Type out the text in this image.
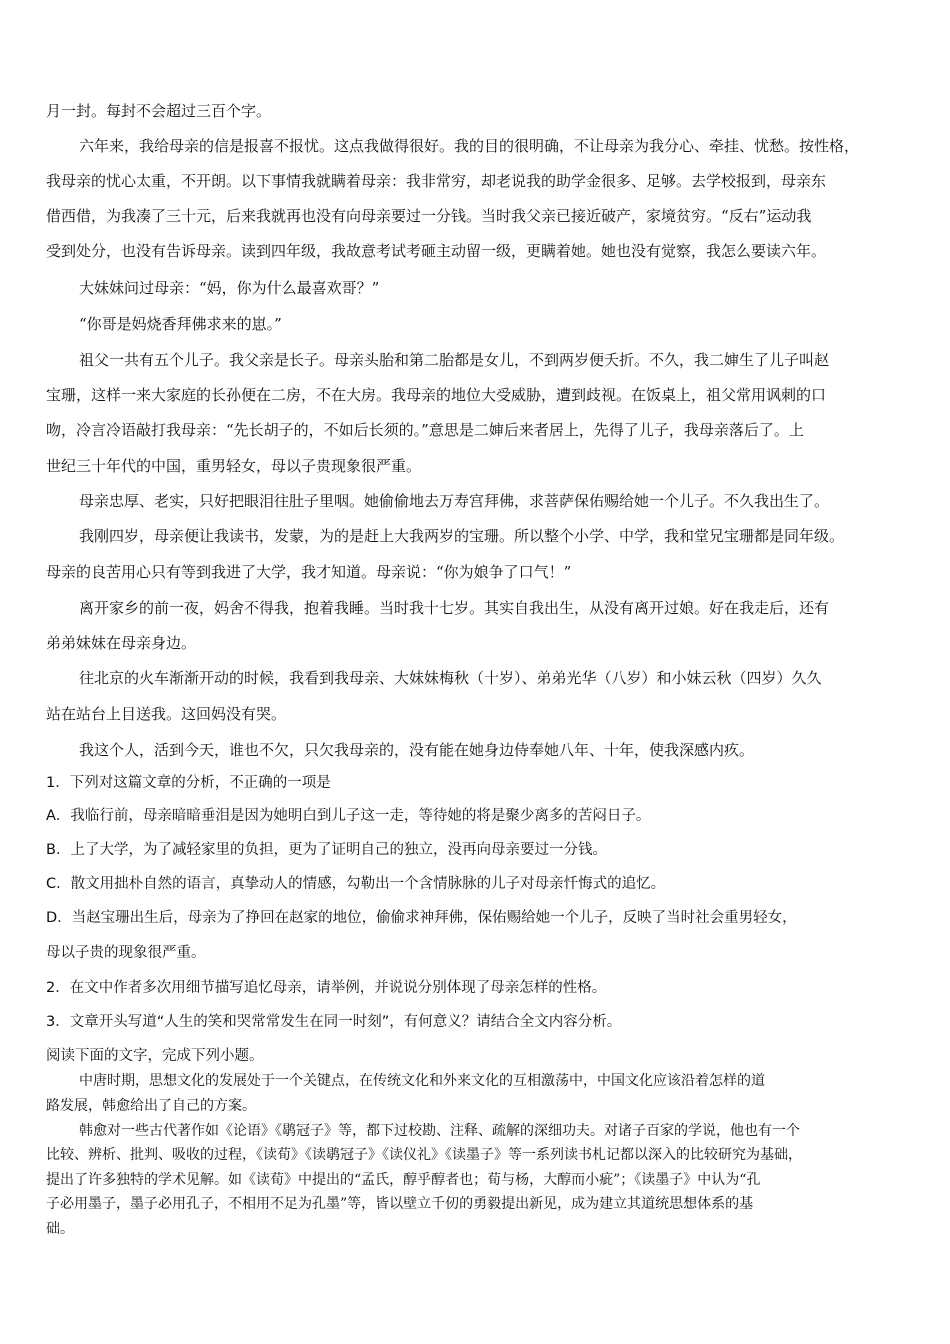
月一封。每封不会超过三百个字。

六年来，我给母亲的信是报喜不报忧。这点我做得很好。我的目的很明确，不让母亲为我分心、牵挂、忧愁。按性格，

我母亲的忧心太重，不开朗。以下事情我就瞒着母亲：我非常穷，却老说我的助学金很多、足够。去学校报到，母亲东

借西借，为我凑了三十元，后来我就再也没有向母亲要过一分钱。当时我父亲已接近破产，家境贫穷。“反右”运动我

受到处分，也没有告诉母亲。读到四年级，我故意考试考砸主动留一级，更瞒着她。她也没有觉察，我怎么要读六年。

大妹妹问过母亲：“妈，你为什么最喜欢哥？”

“你哥是妈烧香拜佛求来的崽。”

祖父一共有五个儿子。我父亲是长子。母亲头胎和第二胎都是女儿，不到两岁便夭折。不久，我二婶生了儿子叫赵

宝珊，这样一来大家庭的长孙便在二房，不在大房。我母亲的地位大受威胁，遭到歧视。在饭桌上，祖父常用讽刺的口

吻，冷言冷语敲打我母亲：“先长胡子的，不如后长须的。”意思是二婶后来者居上，先得了儿子，我母亲落后了。上

世纪三十年代的中国，重男轻女，母以子贵现象很严重。

母亲忠厚、老实，只好把眼泪往肚子里咽。她偷偷地去万寿宫拜佛，求菩萨保佑赐给她一个儿子。不久我出生了。

我刚四岁，母亲便让我读书，发蒙，为的是赶上大我两岁的宝珊。所以整个小学、中学，我和堂兄宝珊都是同年级。

母亲的良苦用心只有等到我进了大学，我才知道。母亲说：“你为娘争了口气！”

离开家乡的前一夜，妈舍不得我，抱着我睡。当时我十七岁。其实自我出生，从没有离开过娘。好在我走后，还有

弟弟妹妹在母亲身边。

往北京的火车渐渐开动的时候，我看到我母亲、大妹妹梅秋（十岁）、弟弟光华（八岁）和小妹云秋（四岁）久久

站在站台上目送我。这回妈没有哭。

我这个人，活到今天，谁也不欠，只欠我母亲的，没有能在她身边侍奉她八年、十年，使我深感内疚。

1．下列对这篇文章的分析，不正确的一项是

A．我临行前，母亲暗暗垂泪是因为她明白到儿子这一走，等待她的将是聚少离多的苦闷日子。

B．上了大学，为了减轻家里的负担，更为了证明自己的独立，没再向母亲要过一分钱。

C．散文用拙朴自然的语言，真挚动人的情感，勾勒出一个含情脉脉的儿子对母亲忏悔式的追忆。

D．当赵宝珊出生后，母亲为了挣回在赵家的地位，偷偷求神拜佛，保佑赐给她一个儿子，反映了当时社会重男轻女，

母以子贵的现象很严重。

2．在文中作者多次用细节描写追忆母亲，请举例，并说说分别体现了母亲怎样的性格。

3．文章开头写道“人生的笑和哭常常发生在同一时刻”，有何意义？请结合全文内容分析。

阅读下面的文字，完成下列小题。

中唐时期，思想文化的发展处于一个关键点，在传统文化和外来文化的互相激荡中，中国文化应该沿着怎样的道

路发展，韩愈给出了自己的方案。

韩愈对一些古代著作如《论语》《鹖冠子》等，都下过校勘、注释、疏解的深细功夫。对诸子百家的学说，他也有一个

比较、辨析、批判、吸收的过程，《读荀》《读鹖冠子》《读仪礼》《读墨子》等一系列读书札记都以深入的比较研究为基础，

提出了许多独特的学术见解。如《读荀》中提出的“孟氏，醇乎醇者也；荀与杨，大醇而小疵”；《读墨子》中认为“孔

子必用墨子，墨子必用孔子，不相用不足为孔墨”等，皆以壁立千仞的勇毅提出新见，成为建立其道统思想体系的基

础。
